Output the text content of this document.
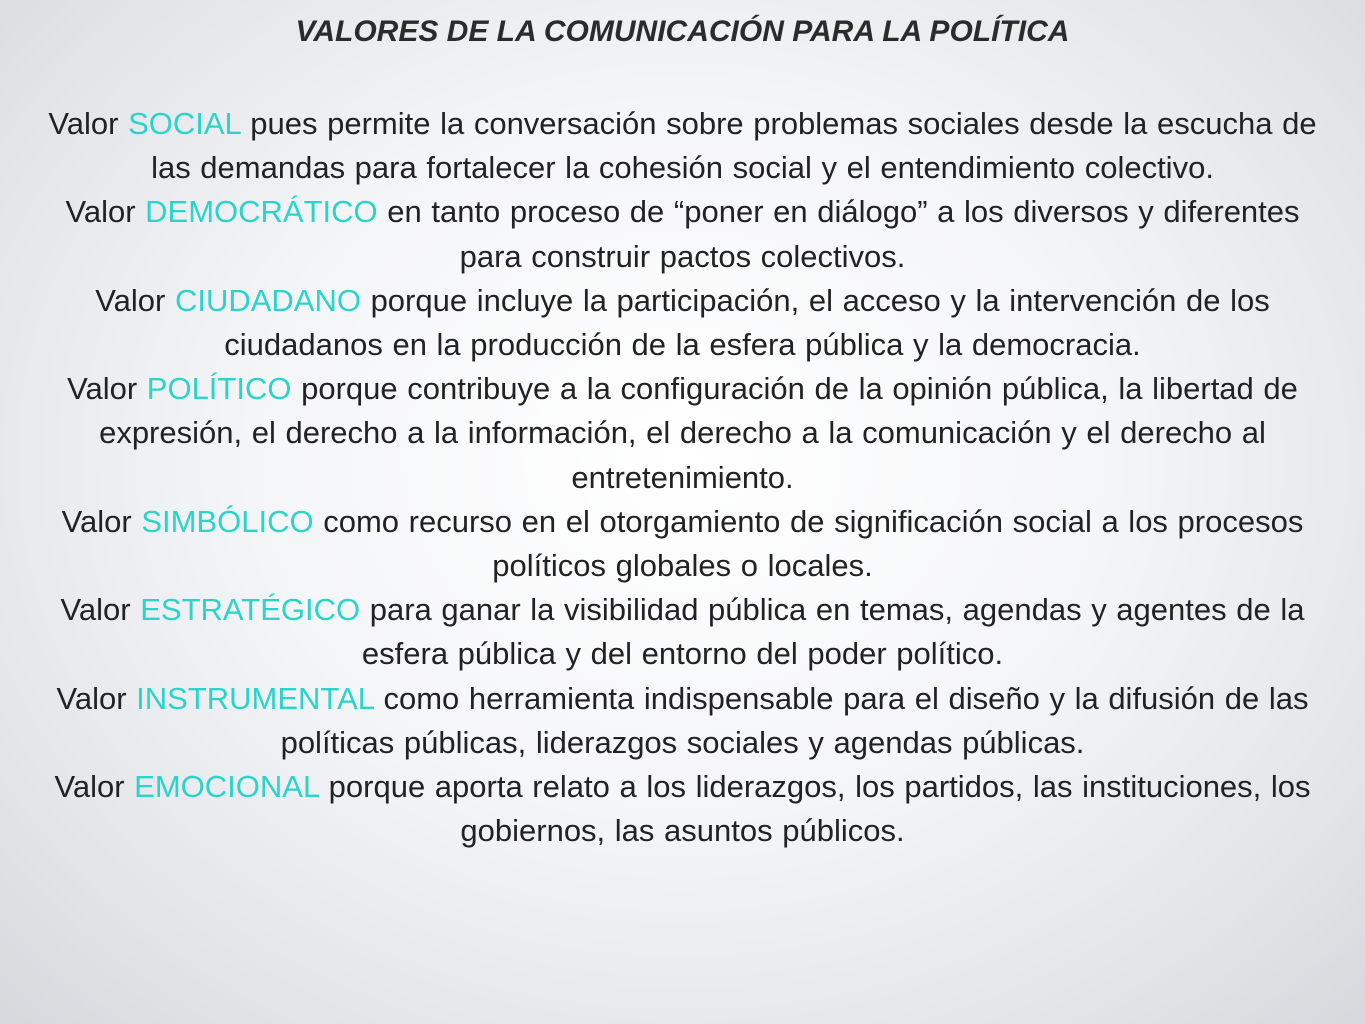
VALORES DE LA COMUNICACIÓN PARA LA POLÍTICA
Valor SOCIAL pues permite la conversación sobre problemas sociales desde la escucha de las demandas para fortalecer la cohesión social y el entendimiento colectivo.
Valor DEMOCRÁTICO en tanto proceso de “poner en diálogo” a los diversos y diferentes para construir pactos colectivos.
Valor CIUDADANO porque incluye la participación, el acceso y la intervención de los ciudadanos en la producción de la esfera pública y la democracia.
Valor POLÍTICO porque contribuye a la configuración de la opinión pública, la libertad de expresión, el derecho a la información, el derecho a la comunicación y el derecho al entretenimiento.
Valor SIMBÓLICO como recurso en el otorgamiento de significación social a los procesos políticos globales o locales.
Valor ESTRATÉGICO para ganar la visibilidad pública en temas, agendas y agentes de la esfera pública y del entorno del poder político.
Valor INSTRUMENTAL como herramienta indispensable para el diseño y la difusión de las políticas públicas, liderazgos sociales y agendas públicas.
Valor EMOCIONAL porque aporta relato a los liderazgos, los partidos, las instituciones, los gobiernos, las asuntos públicos.
